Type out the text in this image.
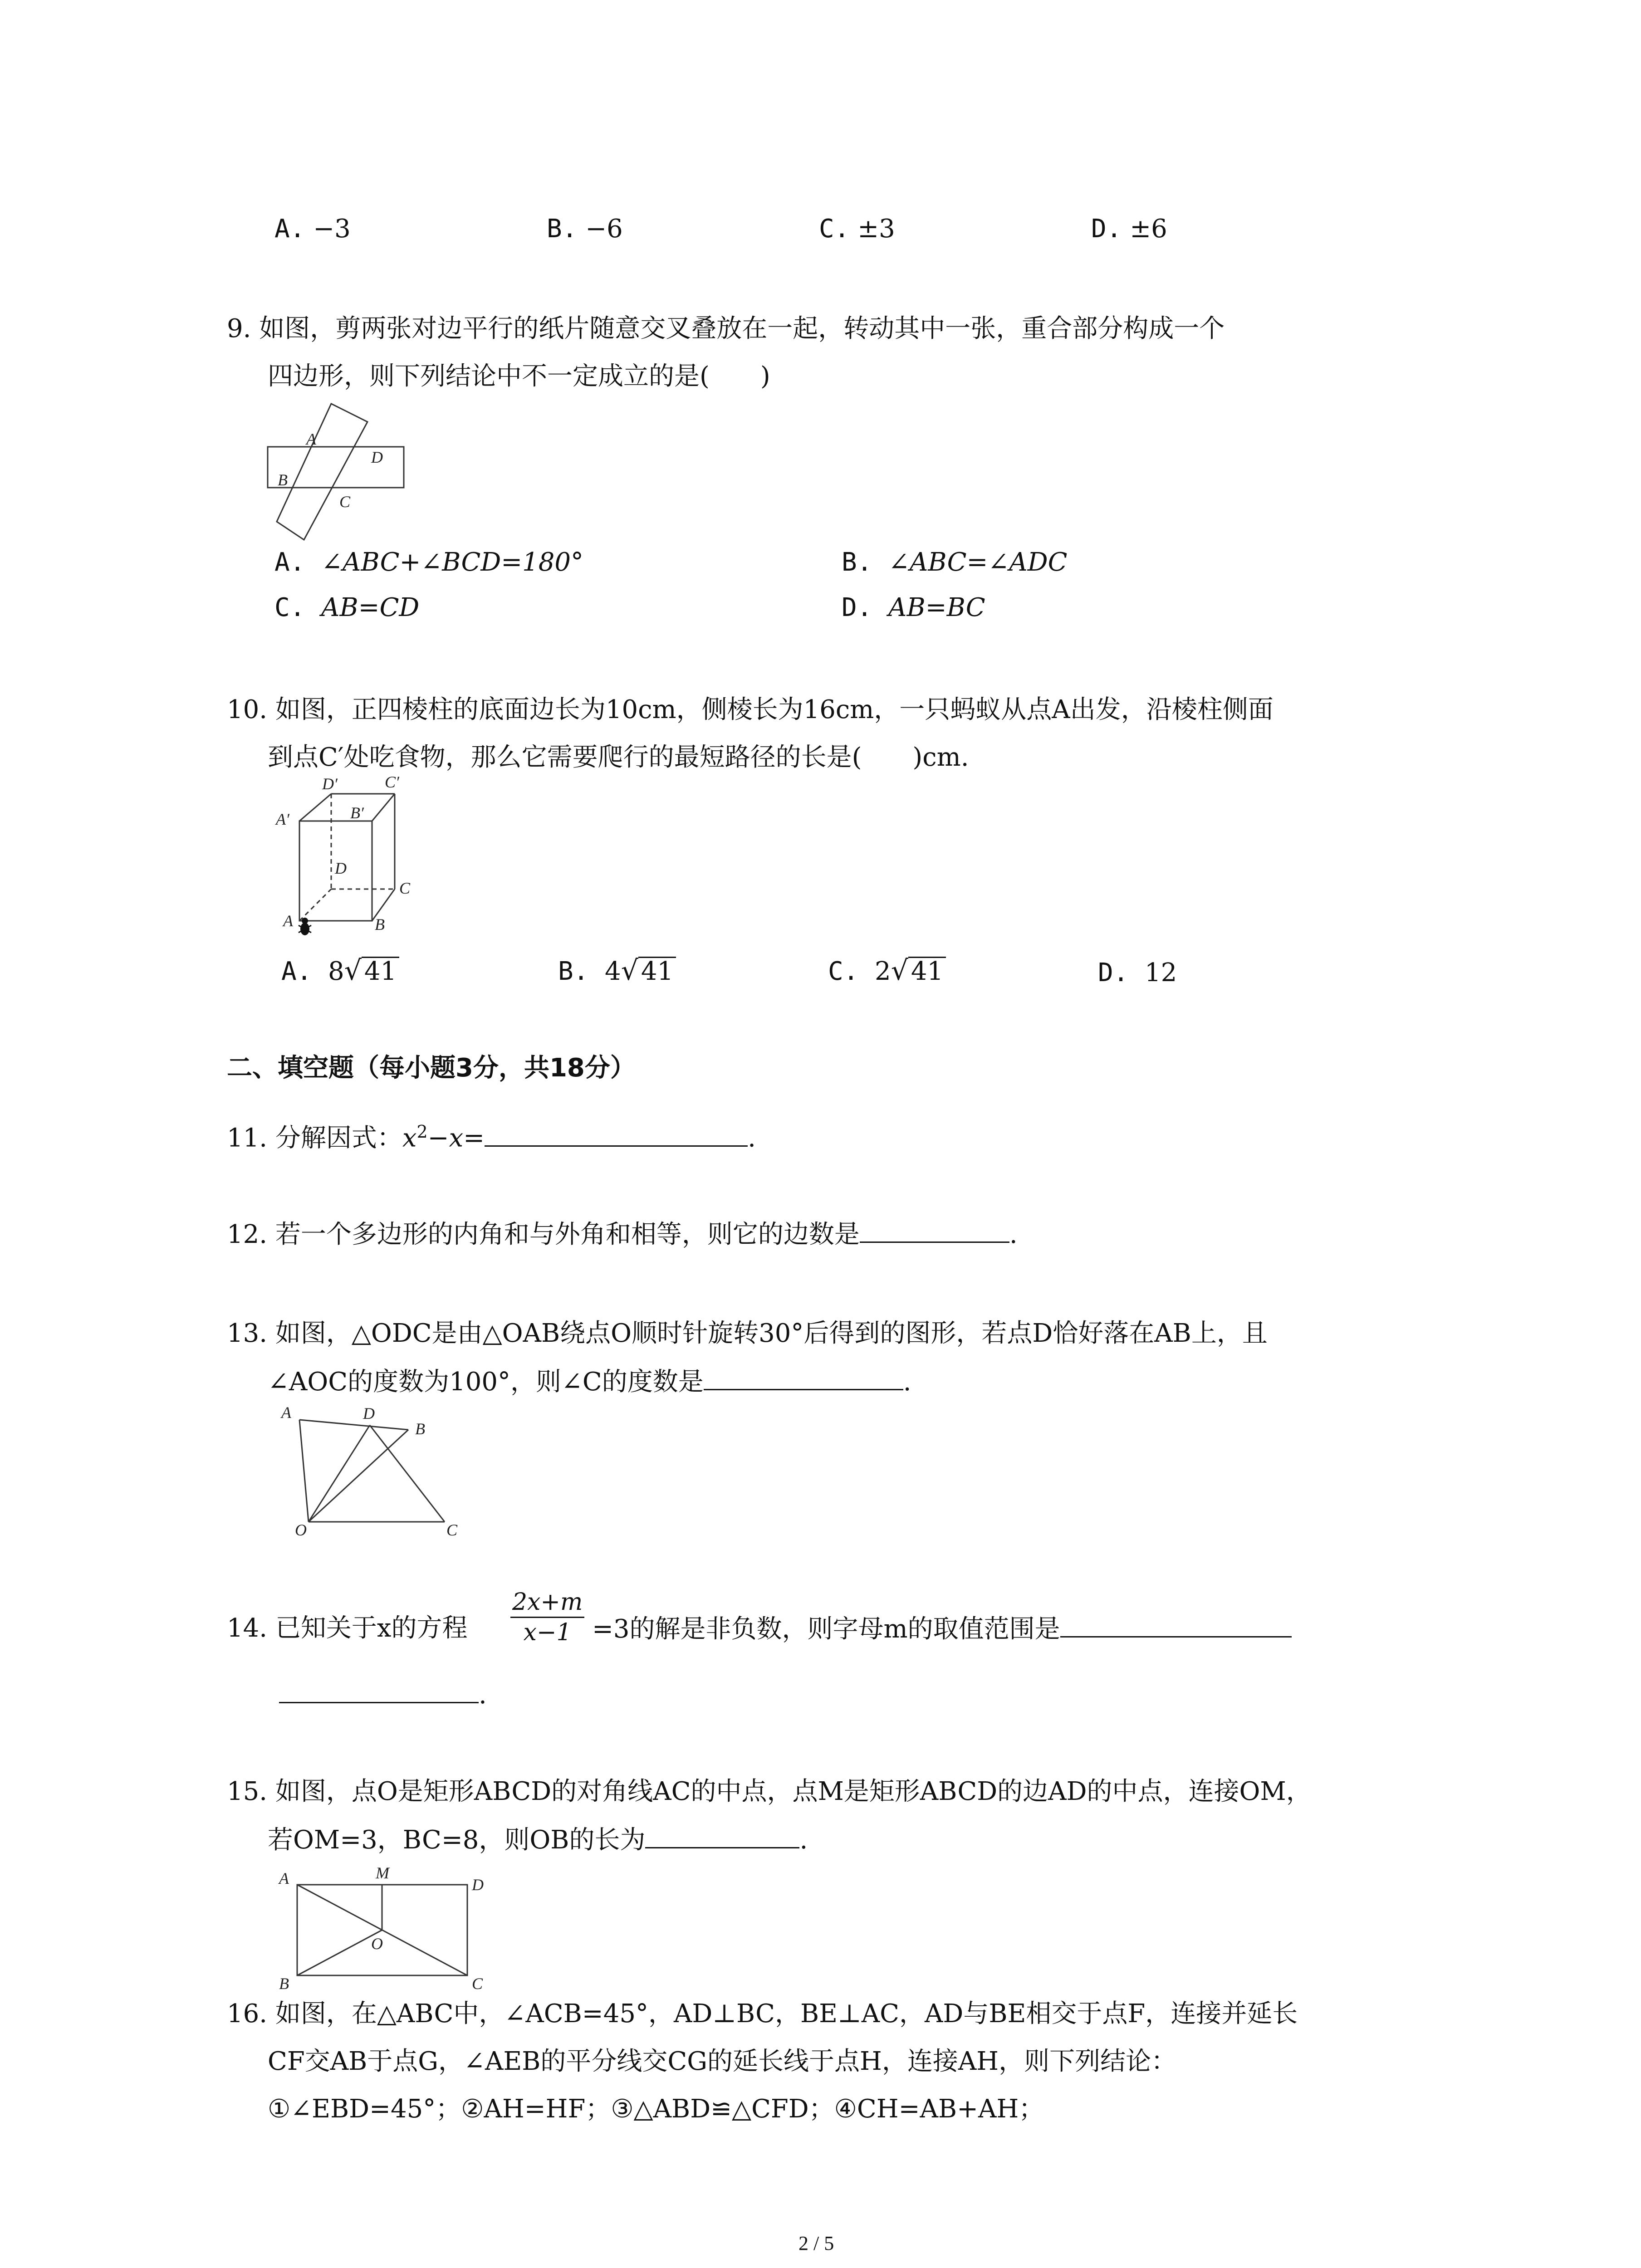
A. −3	B. −6	C. ±3	D. ±6
9. 如图，剪两张对边平行的纸片随意交叉叠放在一起，转动其中一张，重合部分构成一个
四边形，则下列结论中不一定成立的是(　　)
A
D
B
C
A. ∠ABC+∠BCD=180°	B. ∠ABC=∠ADC
C. AB=CD	D. AB=BC
10. 如图，正四棱柱的底面边长为10cm，侧棱长为16cm，一只蚂蚁从点A出发，沿棱柱侧面
到点C′处吃食物，那么它需要爬行的最短路径的长是(　　)cm.
D′	C′
A′	B′
D
C
A	B
A. 8√ 41	B. 4√ 41	C. 2√ 41	D. 12
二、填空题（每小题3分，共18分）
11. 分解因式：$x^2-x=$	.
12. 若一个多边形的内角和与外角和相等，则它的边数是	.
13. 如图，△ODC是由△OAB绕点O顺时针旋转30°后得到的图形，若点D恰好落在AB上，且
∠AOC的度数为100°，则∠C的度数是	.
A	D
B
O	C
14. 已知关于x的方程
2x+m
x−1 =3的解是非负数，则字母m的取值范围是
.
15. 如图，点O是矩形ABCD的对角线AC的中点，点M是矩形ABCD的边AD的中点，连接OM，
若OM=3，BC=8，则OB的长为	.
A	M
D
O
B	C
16. 如图，在△ABC中，∠ACB=45°，AD⊥BC，BE⊥AC，AD与BE相交于点F，连接并延长
CF交AB于点G，∠AEB的平分线交CG的延长线于点H，连接AH，则下列结论：
①∠EBD=45°；②AH=HF；③△ABD≌△CFD；④CH=AB+AH；
2 / 5
